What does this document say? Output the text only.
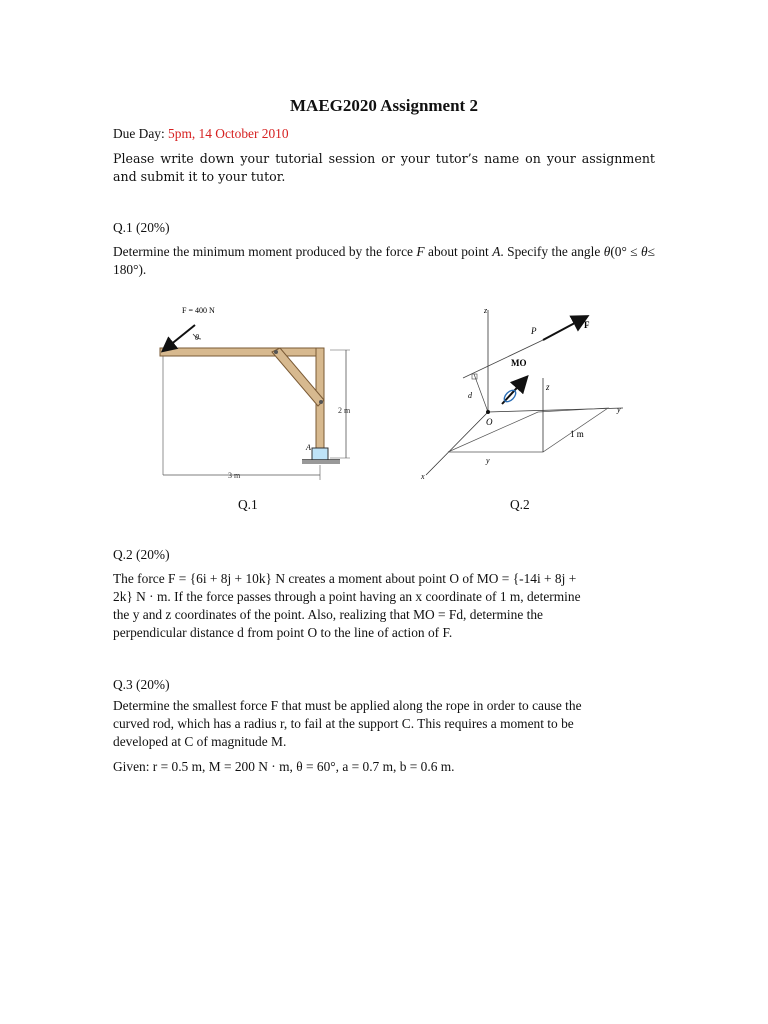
MAEG2020 Assignment 2
Due Day: 5pm, 14 October 2010
Please write down your tutorial session or your tutor’s name on your assignment and submit it to your tutor.
Q.1 (20%)
Determine the minimum moment produced by the force F about point A. Specify the angle θ(0° ≤ θ≤ 180°).
F = 400 N
θ
2 m
3 m
A
Q.1
z
y
x
P
F
MO
O
d
z
y
1 m
Q.2
Q.2 (20%)
The force F = {6i + 8j + 10k} N creates a moment about point O of MO = {-14i + 8j +
2k} N · m. If the force passes through a point having an x coordinate of 1 m, determine
the y and z coordinates of the point. Also, realizing that MO = Fd, determine the
perpendicular distance d from point O to the line of action of F.
Q.3 (20%)
Determine the smallest force F that must be applied along the rope in order to cause the
curved rod, which has a radius r, to fail at the support C. This requires a moment to be
developed at C of magnitude M.
Given: r = 0.5 m, M = 200 N · m, θ = 60°, a = 0.7 m, b = 0.6 m.
